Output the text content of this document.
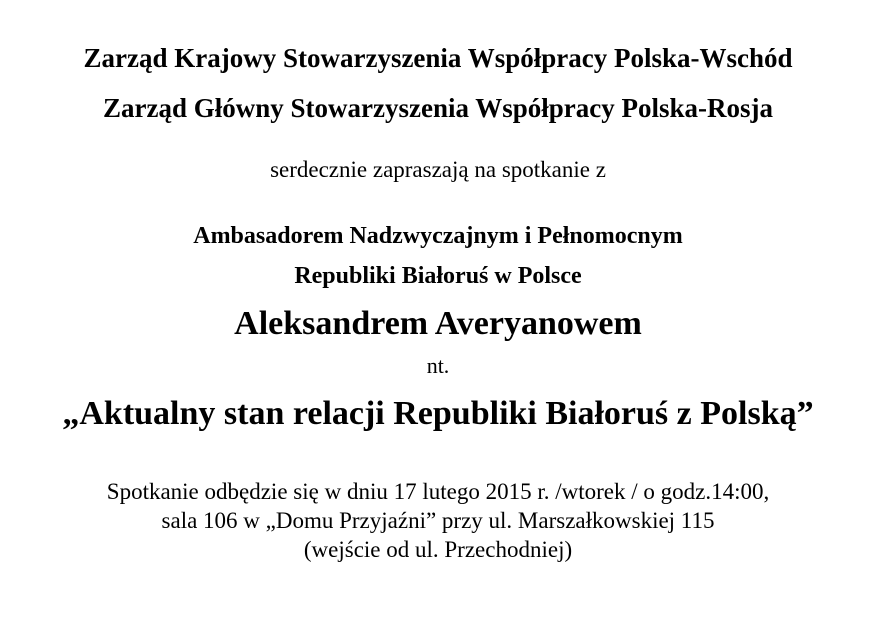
Zarząd Krajowy Stowarzyszenia Współpracy Polska-Wschód
Zarząd Główny Stowarzyszenia Współpracy Polska-Rosja
serdecznie zapraszają na spotkanie z
Ambasadorem Nadzwyczajnym i Pełnomocnym
Republiki Białoruś w Polsce
Aleksandrem Averyanowem
nt.
„Aktualny stan relacji Republiki Białoruś z Polską”
Spotkanie odbędzie się w dniu 17 lutego 2015 r. /wtorek / o godz.14:00,
sala 106 w „Domu Przyjaźni” przy ul. Marszałkowskiej 115
(wejście od ul. Przechodniej)
